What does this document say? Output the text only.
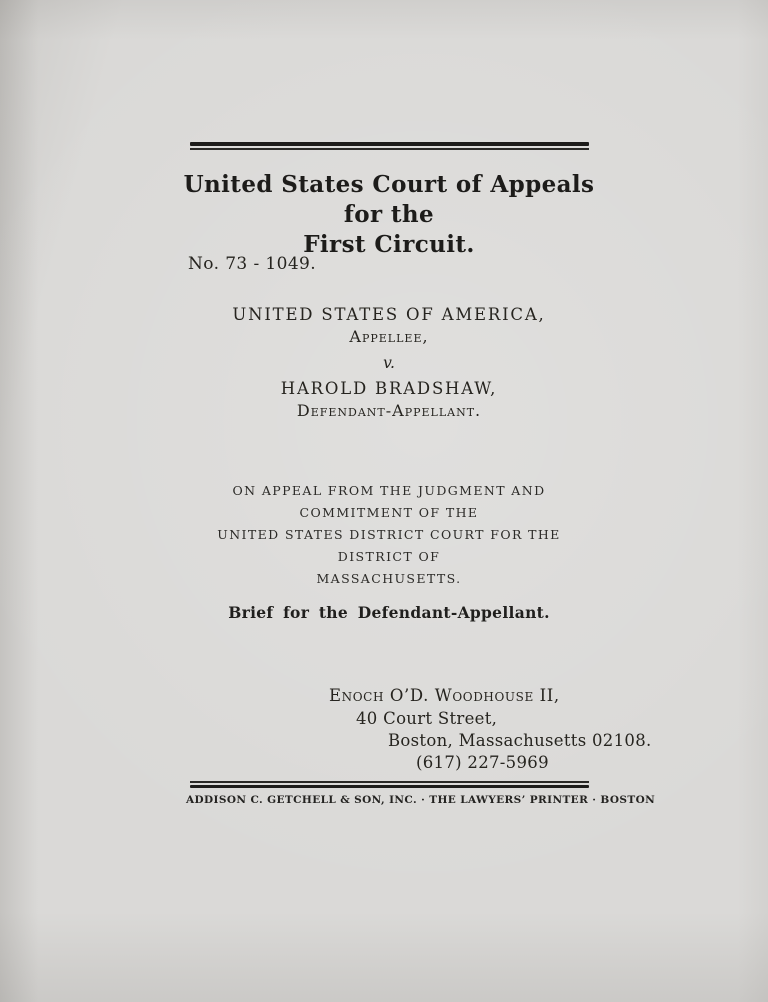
United States Court of Appeals for the
First Circuit.
No. 73 - 1049.
UNITED STATES OF AMERICA,
Appellee,
v.
HAROLD BRADSHAW,
Defendant-Appellant.
ON APPEAL FROM THE JUDGMENT AND COMMITMENT OF THE
UNITED STATES DISTRICT COURT FOR THE DISTRICT OF
MASSACHUSETTS.
Brief for the Defendant-Appellant.
Enoch O’D. Woodhouse II,
40 Court Street,
Boston, Massachusetts 02108.
(617) 227-5969
ADDISON C. GETCHELL & SON, INC. · THE LAWYERS’ PRINTER · BOSTON
